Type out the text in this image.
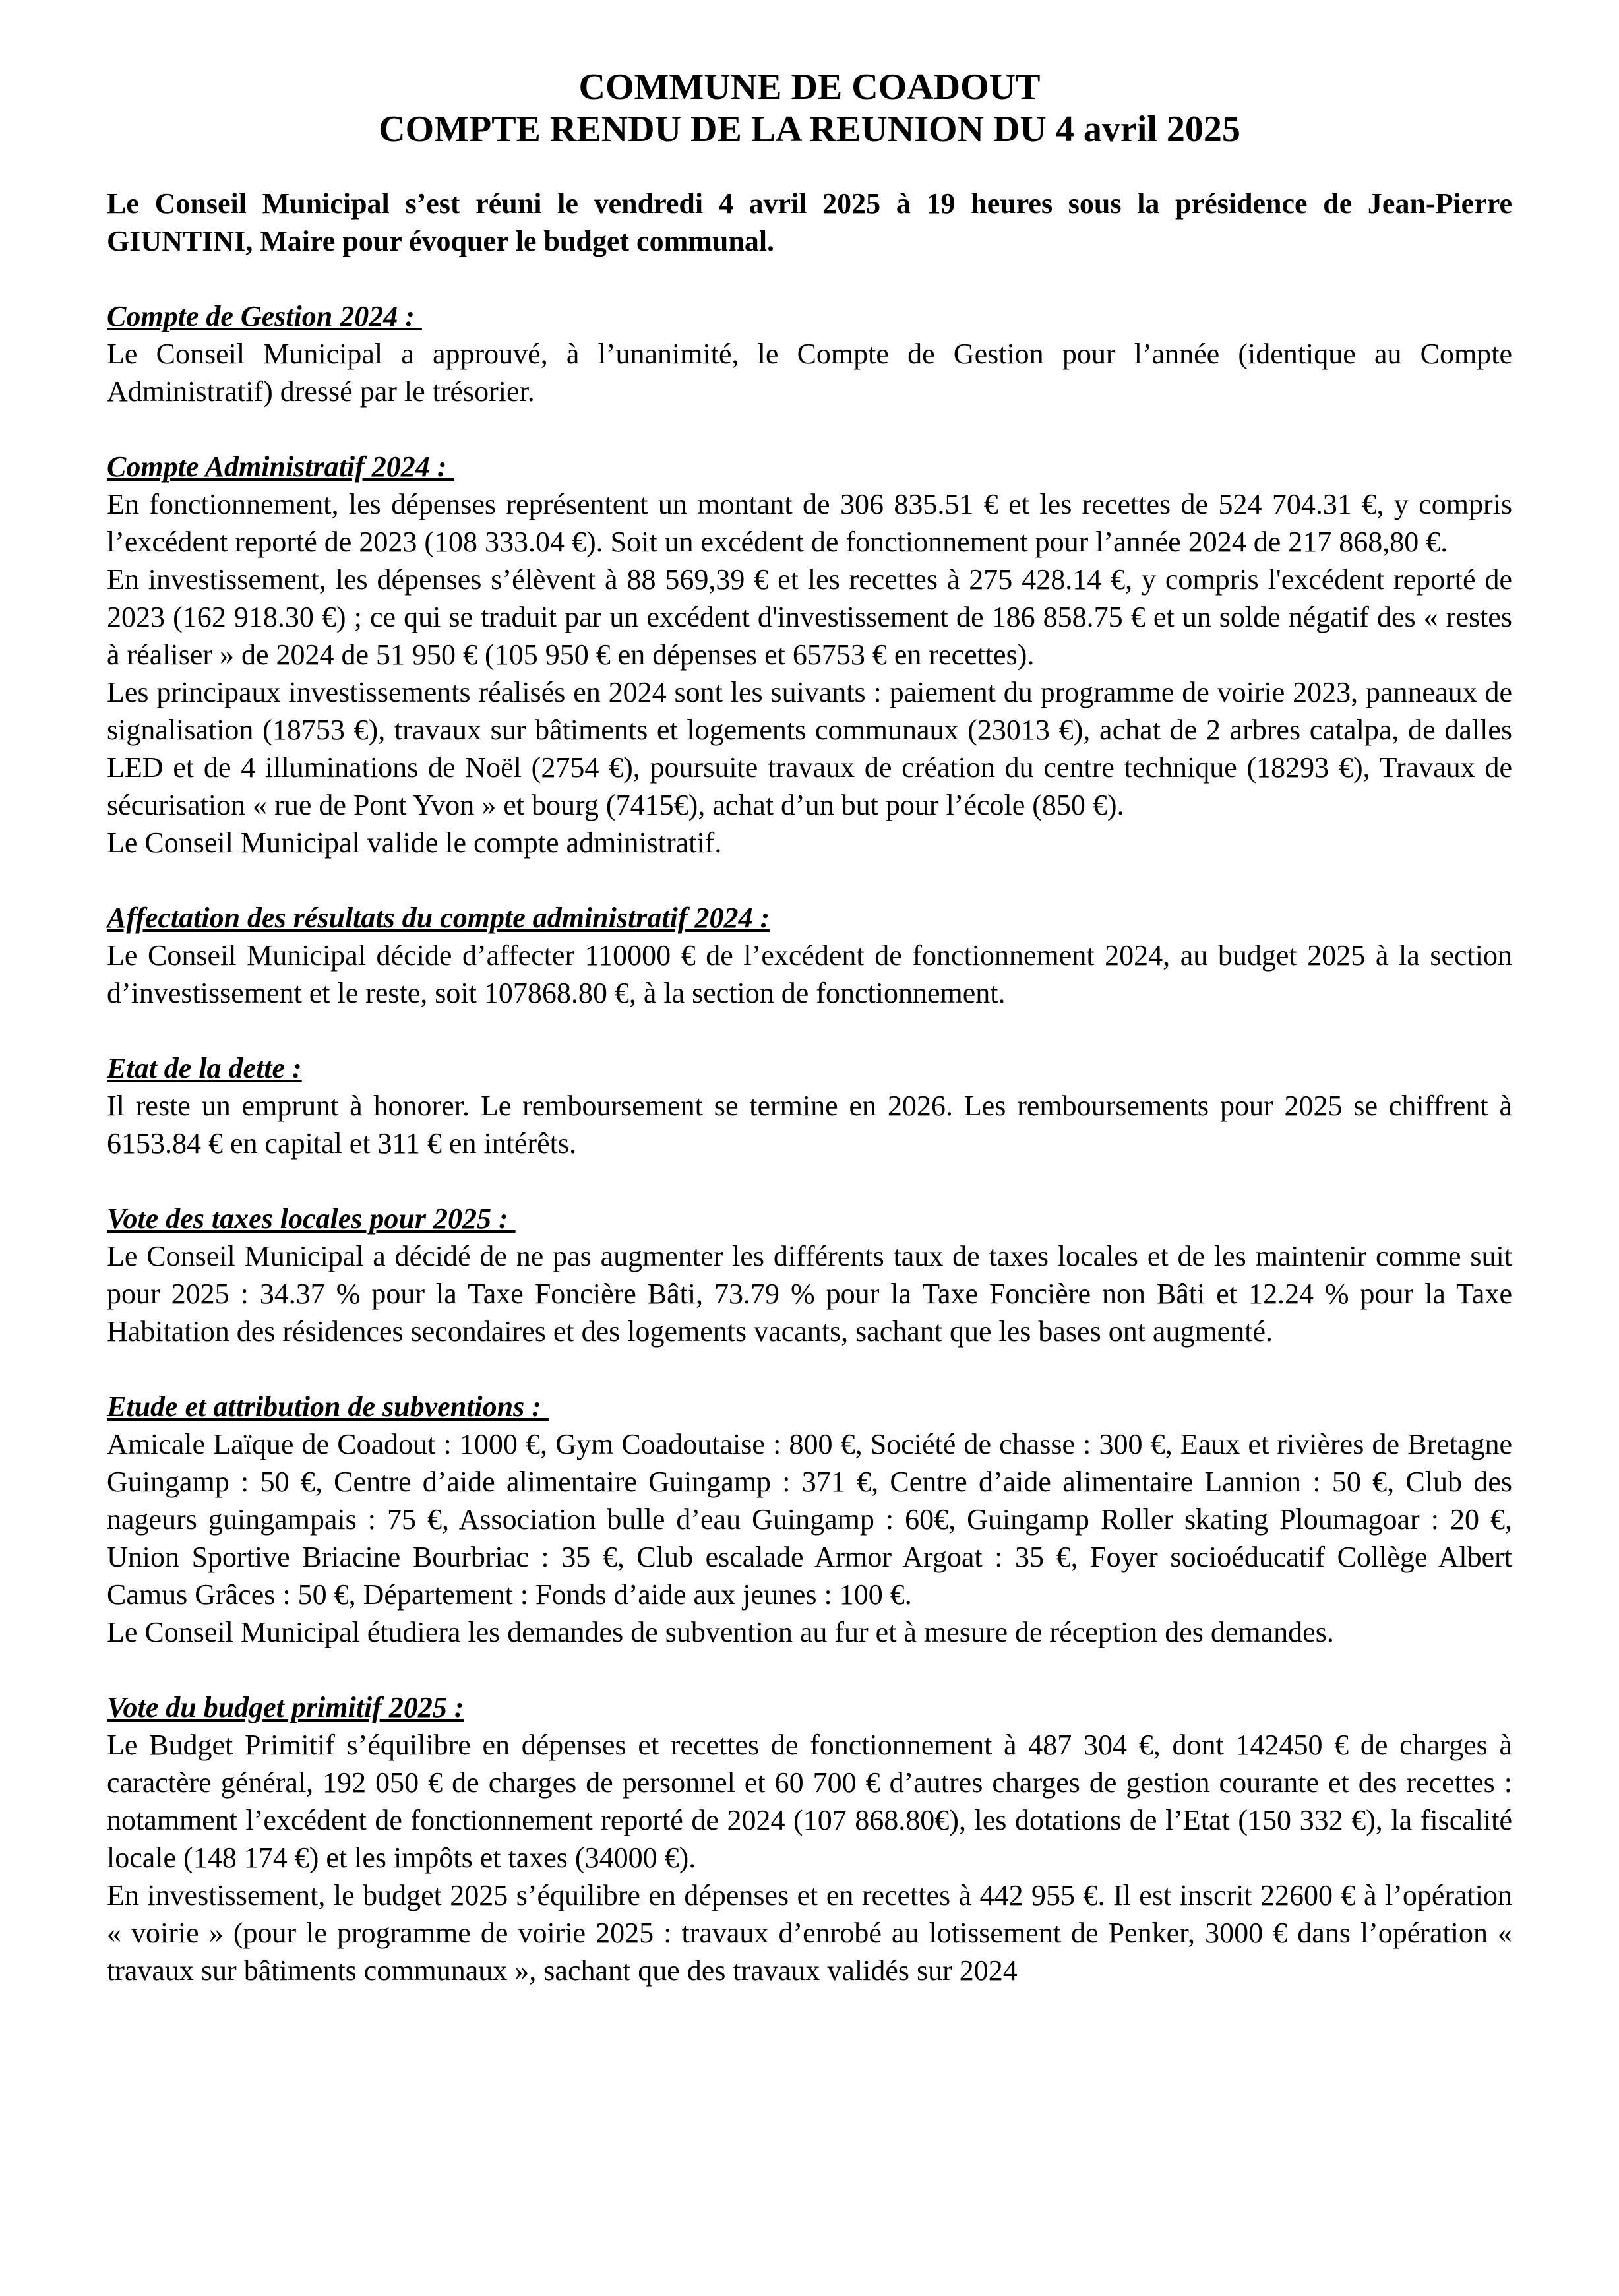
COMMUNE DE COADOUT
COMPTE RENDU DE LA REUNION DU 4 avril 2025

Le Conseil Municipal s’est réuni le vendredi 4 avril 2025 à 19 heures sous la présidence de Jean-Pierre GIUNTINI, Maire pour évoquer le budget communal.

Compte de Gestion 2024 :

Le Conseil Municipal a approuvé, à l’unanimité, le Compte de Gestion pour l’année (identique au Compte Administratif) dressé par le trésorier.

Compte Administratif 2024 :

En fonctionnement, les dépenses représentent un montant de 306 835.51 € et les recettes de 524 704.31 €, y compris l’excédent reporté de 2023 (108 333.04 €). Soit un excédent de fonctionnement pour l’année 2024 de 217 868,80 €.

En investissement, les dépenses s’élèvent à 88 569,39 € et les recettes à 275 428.14 €, y compris l'excédent reporté de 2023 (162 918.30 €) ; ce qui se traduit par un excédent d'investissement de 186 858.75 € et un solde négatif des « restes à réaliser » de 2024 de 51 950 € (105 950 € en dépenses et 65753 € en recettes).

Les principaux investissements réalisés en 2024 sont les suivants : paiement du programme de voirie 2023, panneaux de signalisation (18753 €), travaux sur bâtiments et logements communaux (23013 €), achat de 2 arbres catalpa, de dalles LED et de 4 illuminations de Noël (2754 €), poursuite travaux de création du centre technique (18293 €), Travaux de sécurisation « rue de Pont Yvon » et bourg (7415€), achat d’un but pour l’école (850 €).

Le Conseil Municipal valide le compte administratif.

Affectation des résultats du compte administratif 2024 :

Le Conseil Municipal décide d’affecter 110000 € de l’excédent de fonctionnement 2024, au budget 2025 à la section d’investissement et le reste, soit 107868.80 €, à la section de fonctionnement.

Etat de la dette :

Il reste un emprunt à honorer. Le remboursement se termine en 2026. Les remboursements pour 2025 se chiffrent à 6153.84 € en capital et 311 € en intérêts.

Vote des taxes locales pour 2025 :

Le Conseil Municipal a décidé de ne pas augmenter les différents taux de taxes locales et de les maintenir comme suit pour 2025 : 34.37 % pour la Taxe Foncière Bâti, 73.79 % pour la Taxe Foncière non Bâti et 12.24 % pour la Taxe Habitation des résidences secondaires et des logements vacants, sachant que les bases ont augmenté.

Etude et attribution de subventions :

Amicale Laïque de Coadout : 1000 €, Gym Coadoutaise : 800 €, Société de chasse : 300 €, Eaux et rivières de Bretagne Guingamp : 50 €, Centre d’aide alimentaire Guingamp : 371 €, Centre d’aide alimentaire Lannion : 50 €, Club des nageurs guingampais : 75 €, Association bulle d’eau Guingamp : 60€, Guingamp Roller skating Ploumagoar : 20 €, Union Sportive Briacine Bourbriac : 35 €, Club escalade Armor Argoat : 35 €, Foyer socioéducatif Collège Albert Camus Grâces : 50 €, Département : Fonds d’aide aux jeunes : 100 €.

Le Conseil Municipal étudiera les demandes de subvention au fur et à mesure de réception des demandes.

Vote du budget primitif 2025 :

Le Budget Primitif s’équilibre en dépenses et recettes de fonctionnement à 487 304 €, dont 142450 € de charges à caractère général, 192 050 € de charges de personnel et 60 700 € d’autres charges de gestion courante et des recettes : notamment l’excédent de fonctionnement reporté de 2024 (107 868.80€), les dotations de l’Etat (150 332 €), la fiscalité locale (148 174 €) et les impôts et taxes (34000 €).

En investissement, le budget 2025 s’équilibre en dépenses et en recettes à 442 955 €. Il est inscrit 22600 € à l’opération « voirie » (pour le programme de voirie 2025 : travaux d’enrobé au lotissement de Penker, 3000 € dans l’opération « travaux sur bâtiments communaux », sachant que des travaux validés sur 2024
